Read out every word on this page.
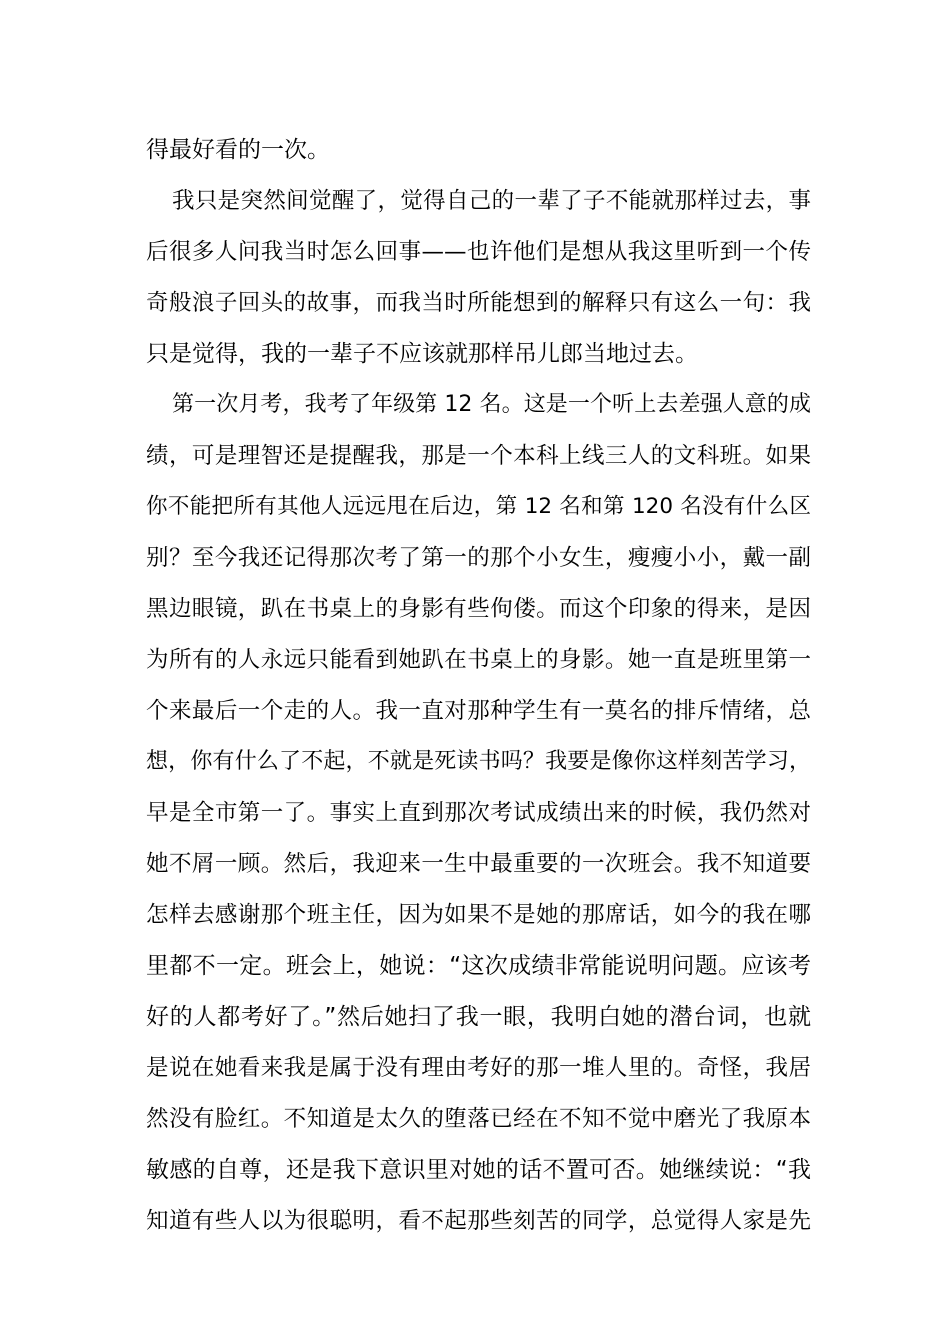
得最好看的一次。
我只是突然间觉醒了，觉得自己的一辈了子不能就那样过去，事
后很多人问我当时怎么回事——也许他们是想从我这里听到一个传
奇般浪子回头的故事，而我当时所能想到的解释只有这么一句：我
只是觉得，我的一辈子不应该就那样吊儿郎当地过去。
第一次月考，我考了年级第 12 名。这是一个听上去差强人意的成
绩，可是理智还是提醒我，那是一个本科上线三人的文科班。如果
你不能把所有其他人远远甩在后边，第 12 名和第 120 名没有什么区
别？至今我还记得那次考了第一的那个小女生，瘦瘦小小，戴一副
黑边眼镜，趴在书桌上的身影有些佝偻。而这个印象的得来，是因
为所有的人永远只能看到她趴在书桌上的身影。她一直是班里第一
个来最后一个走的人。我一直对那种学生有一莫名的排斥情绪，总
想，你有什么了不起，不就是死读书吗？我要是像你这样刻苦学习，
早是全市第一了。事实上直到那次考试成绩出来的时候，我仍然对
她不屑一顾。然后，我迎来一生中最重要的一次班会。我不知道要
怎样去感谢那个班主任，因为如果不是她的那席话，如今的我在哪
里都不一定。班会上，她说：“这次成绩非常能说明问题。应该考
好的人都考好了。”然后她扫了我一眼，我明白她的潜台词，也就
是说在她看来我是属于没有理由考好的那一堆人里的。奇怪，我居
然没有脸红。不知道是太久的堕落已经在不知不觉中磨光了我原本
敏感的自尊，还是我下意识里对她的话不置可否。她继续说：“我
知道有些人以为很聪明，看不起那些刻苦的同学，总觉得人家是先
